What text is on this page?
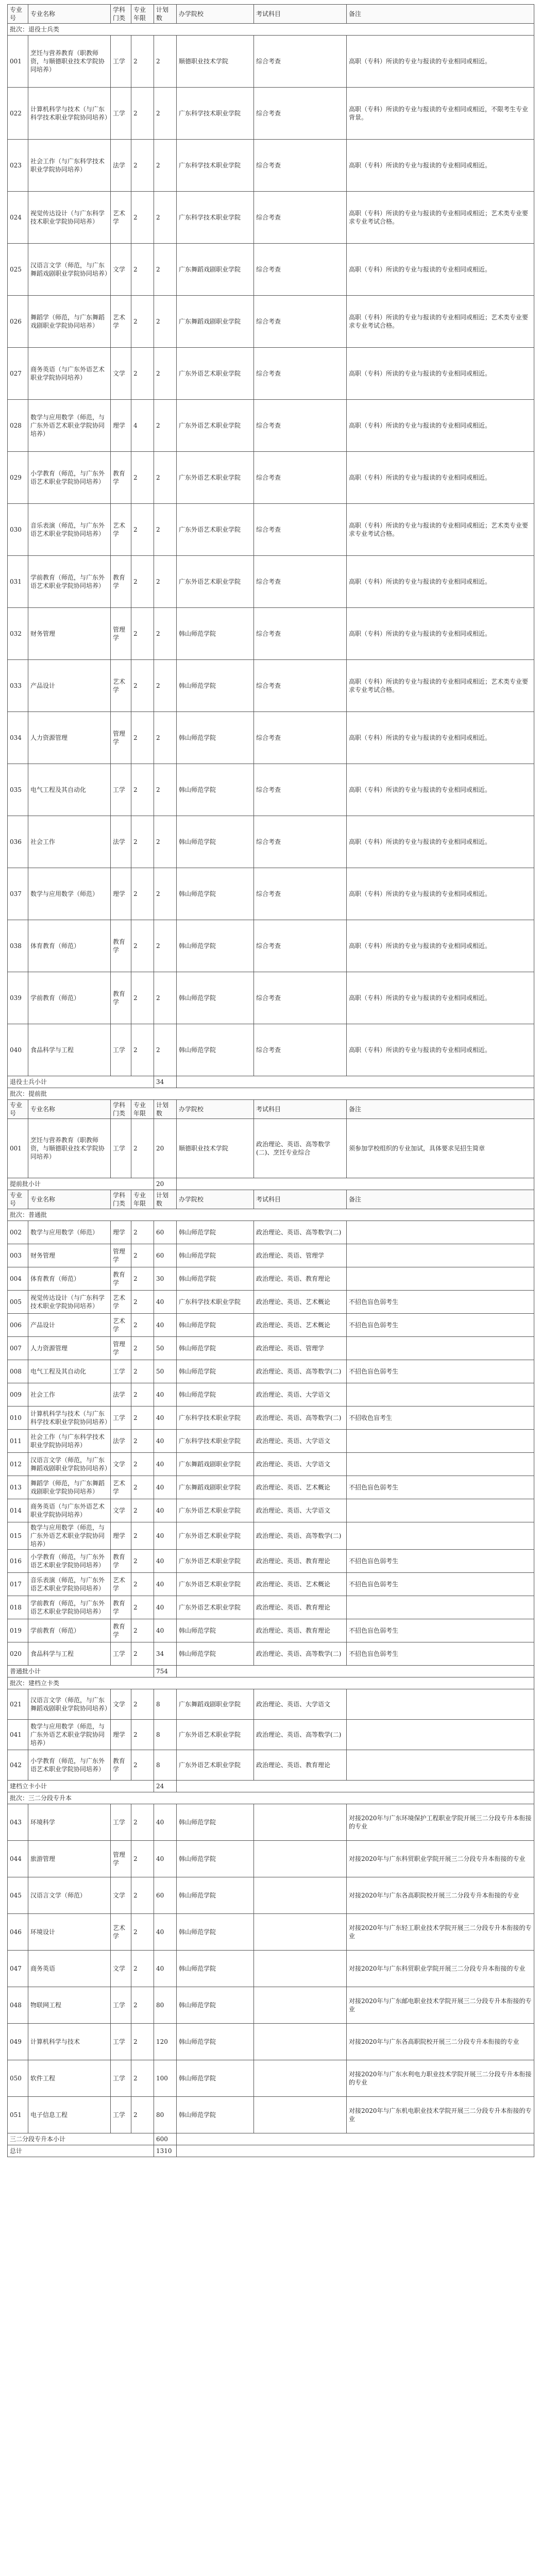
专业号	专业名称	学科门类	专业年限	计划数	办学院校	考试科目	备注
批次：退役士兵类							
001	烹饪与营养教育（职教师资，与顺德职业技术学院协同培养）	工学	2	2	顺德职业技术学院	综合考查	高职（专科）所读的专业与报读的专业相同或相近。
022	计算机科学与技术（与广东科学技术职业学院协同培养）	工学	2	2	广东科学技术职业学院	综合考查	高职（专科）所读的专业与报读的专业相同或相近，不限考生专业背景。
023	社会工作（与广东科学技术职业学院协同培养）	法学	2	2	广东科学技术职业学院	综合考查	高职（专科）所读的专业与报读的专业相同或相近。
024	视觉传达设计（与广东科学技术职业学院协同培养）	艺术学	2	2	广东科学技术职业学院	综合考查	高职（专科）所读的专业与报读的专业相同或相近；艺术类专业要求专业考试合格。
025	汉语言文学（师范，与广东舞蹈戏剧职业学院协同培养）	文学	2	2	广东舞蹈戏剧职业学院	综合考查	高职（专科）所读的专业与报读的专业相同或相近。
026	舞蹈学（师范，与广东舞蹈戏剧职业学院协同培养）	艺术学	2	2	广东舞蹈戏剧职业学院	综合考查	高职（专科）所读的专业与报读的专业相同或相近；艺术类专业要求专业考试合格。
027	商务英语（与广东外语艺术职业学院协同培养）	文学	2	2	广东外语艺术职业学院	综合考查	高职（专科）所读的专业与报读的专业相同或相近。
028	数学与应用数学（师范，与广东外语艺术职业学院协同培养）	理学	4	2	广东外语艺术职业学院	综合考查	高职（专科）所读的专业与报读的专业相同或相近。
029	小学教育（师范，与广东外语艺术职业学院协同培养）	教育学	2	2	广东外语艺术职业学院	综合考查	高职（专科）所读的专业与报读的专业相同或相近。
030	音乐表演（师范，与广东外语艺术职业学院协同培养）	艺术学	2	2	广东外语艺术职业学院	综合考查	高职（专科）所读的专业与报读的专业相同或相近；艺术类专业要求专业考试合格。
031	学前教育（师范，与广东外语艺术职业学院协同培养）	教育学	2	2	广东外语艺术职业学院	综合考查	高职（专科）所读的专业与报读的专业相同或相近。
032	财务管理	管理学	2	2	韩山师范学院	综合考查	高职（专科）所读的专业与报读的专业相同或相近。
033	产品设计	艺术学	2	2	韩山师范学院	综合考查	高职（专科）所读的专业与报读的专业相同或相近；艺术类专业要求专业考试合格。
034	人力资源管理	管理学	2	2	韩山师范学院	综合考查	高职（专科）所读的专业与报读的专业相同或相近。
035	电气工程及其自动化	工学	2	2	韩山师范学院	综合考查	高职（专科）所读的专业与报读的专业相同或相近。
036	社会工作	法学	2	2	韩山师范学院	综合考查	高职（专科）所读的专业与报读的专业相同或相近。
037	数学与应用数学（师范）	理学	2	2	韩山师范学院	综合考查	高职（专科）所读的专业与报读的专业相同或相近。
038	体育教育（师范）	教育学	2	2	韩山师范学院	综合考查	高职（专科）所读的专业与报读的专业相同或相近。
039	学前教育（师范）	教育学	2	2	韩山师范学院	综合考查	高职（专科）所读的专业与报读的专业相同或相近。
040	食品科学与工程	工学	2	2	韩山师范学院	综合考查	高职（专科）所读的专业与报读的专业相同或相近。
退役士兵小计				34			
批次：提前批							
专业号	专业名称	学科门类	专业年限	计划数	办学院校	考试科目	备注
001	烹饪与营养教育（职教师资，与顺德职业技术学院协同培养）	工学	2	20	顺德职业技术学院	政治理论、英语、高等数学(二)、烹饪专业综合	须参加学校组织的专业加试，具体要求见招生简章
提前批小计				20			
专业号	专业名称	学科门类	专业年限	计划数	办学院校	考试科目	备注
批次：普通批							
002	数学与应用数学（师范）	理学	2	60	韩山师范学院	政治理论、英语、高等数学(二)	
003	财务管理	管理学	2	60	韩山师范学院	政治理论、英语、管理学	
004	体育教育（师范）	教育学	2	30	韩山师范学院	政治理论、英语、教育理论	
005	视觉传达设计（与广东科学技术职业学院协同培养）	艺术学	2	40	广东科学技术职业学院	政治理论、英语、艺术概论	不招色盲色弱考生
006	产品设计	艺术学	2	40	韩山师范学院	政治理论、英语、艺术概论	不招色盲色弱考生
007	人力资源管理	管理学	2	50	韩山师范学院	政治理论、英语、管理学	
008	电气工程及其自动化	工学	2	50	韩山师范学院	政治理论、英语、高等数学(二)	不招色盲色弱考生
009	社会工作	法学	2	40	韩山师范学院	政治理论、英语、大学语文	
010	计算机科学与技术（与广东科学技术职业学院协同培养）	工学	2	40	广东科学技术职业学院	政治理论、英语、高等数学(二)	不招收色盲考生
011	社会工作（与广东科学技术职业学院协同培养）	法学	2	40	广东科学技术职业学院	政治理论、英语、大学语文	
012	汉语言文学（师范，与广东舞蹈戏剧职业学院协同培养）	文学	2	40	广东舞蹈戏剧职业学院	政治理论、英语、大学语文	
013	舞蹈学（师范，与广东舞蹈戏剧职业学院协同培养）	艺术学	2	40	广东舞蹈戏剧职业学院	政治理论、英语、艺术概论	不招色盲色弱考生
014	商务英语（与广东外语艺术职业学院协同培养）	文学	2	40	广东外语艺术职业学院	政治理论、英语、大学语文	
015	数学与应用数学（师范，与广东外语艺术职业学院协同培养）	理学	2	40	广东外语艺术职业学院	政治理论、英语、高等数学(二)	
016	小学教育（师范，与广东外语艺术职业学院协同培养）	教育学	2	40	广东外语艺术职业学院	政治理论、英语、教育理论	不招色盲色弱考生
017	音乐表演（师范，与广东外语艺术职业学院协同培养）	艺术学	2	40	广东外语艺术职业学院	政治理论、英语、艺术概论	不招色盲色弱考生
018	学前教育（师范，与广东外语艺术职业学院协同培养）	教育学	2	40	广东外语艺术职业学院	政治理论、英语、教育理论	
019	学前教育（师范）	教育学	2	40	韩山师范学院	政治理论、英语、教育理论	不招色盲色弱考生
020	食品科学与工程	工学	2	34	韩山师范学院	政治理论、英语、高等数学(二)	不招色盲色弱考生
普通批小计				754			
批次：建档立卡类							
021	汉语言文学（师范，与广东舞蹈戏剧职业学院协同培养）	文学	2	8	广东舞蹈戏剧职业学院	政治理论、英语、大学语文	
041	数学与应用数学（师范，与广东外语艺术职业学院协同培养）	理学	2	8	广东外语艺术职业学院	政治理论、英语、高等数学(二)	
042	小学教育（师范，与广东外语艺术职业学院协同培养）	教育学	2	8	广东外语艺术职业学院	政治理论、英语、教育理论	
建档立卡小计				24			
批次：三二分段专升本							
043	环境科学	工学	2	40	韩山师范学院		对接2020年与广东环境保护工程职业学院开展三二分段专升本衔接的专业
044	旅游管理	管理学	2	40	韩山师范学院		对接2020年与广东科贸职业学院开展三二分段专升本衔接的专业
045	汉语言文学（师范）	文学	2	60	韩山师范学院		对接2020年与广东各高职院校开展三二分段专升本衔接的专业
046	环境设计	艺术学	2	40	韩山师范学院		对接2020年与广东轻工职业技术学院开展三二分段专升本衔接的专业
047	商务英语	文学	2	40	韩山师范学院		对接2020年与广东科贸职业学院开展三二分段专升本衔接的专业
048	物联网工程	工学	2	80	韩山师范学院		对接2020年与广东邮电职业技术学院开展三二分段专升本衔接的专业
049	计算机科学与技术	工学	2	120	韩山师范学院		对接2020年与广东各高职院校开展三二分段专升本衔接的专业
050	软件工程	工学	2	100	韩山师范学院		对接2020年与广东水利电力职业技术学院开展三二分段专升本衔接的专业
051	电子信息工程	工学	2	80	韩山师范学院		对接2020年与广东机电职业技术学院开展三二分段专升本衔接的专业
三二分段专升本小计				600			
总计				1310			
